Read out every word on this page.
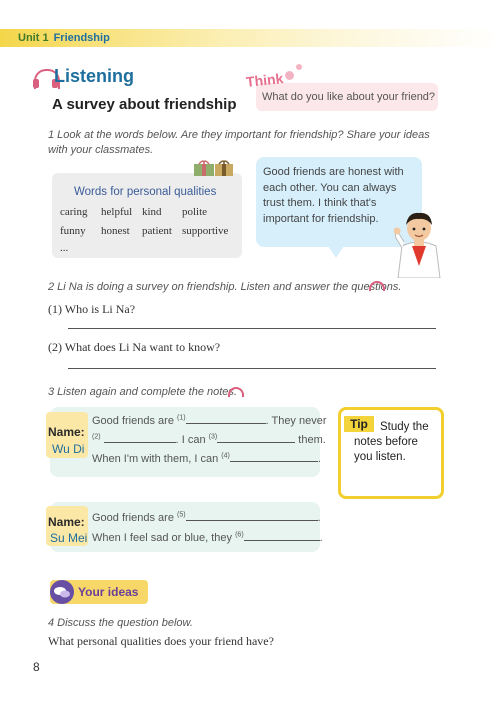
Unit 1 Friendship
Listening
A survey about friendship
Think
What do you like about your friend?
1 Look at the words below. Are they important for friendship? Share your ideas with your classmates.
Words for personal qualities
caring helpful kind polite
funny honest patient supportive
...
Good friends are honest with each other. You can always trust them. I think that's important for friendship.
2 Li Na is doing a survey on friendship. Listen and answer the questions.
(1) Who is Li Na?
(2) What does Li Na want to know?
3 Listen again and complete the notes.
Name:
Wu Di
Good friends are $^{(1)}$	. They never
$^{(2)}$	. I can $^{(3)}$	them.
When I'm with them, I can $^{(4)}$	.
Tip	Study the notes before you listen.
Name:
Su Mei
Good friends are $^{(5)}$	.
When I feel sad or blue, they $^{(6)}$	.
Your ideas
4 Discuss the question below.
What personal qualities does your friend have?
8
